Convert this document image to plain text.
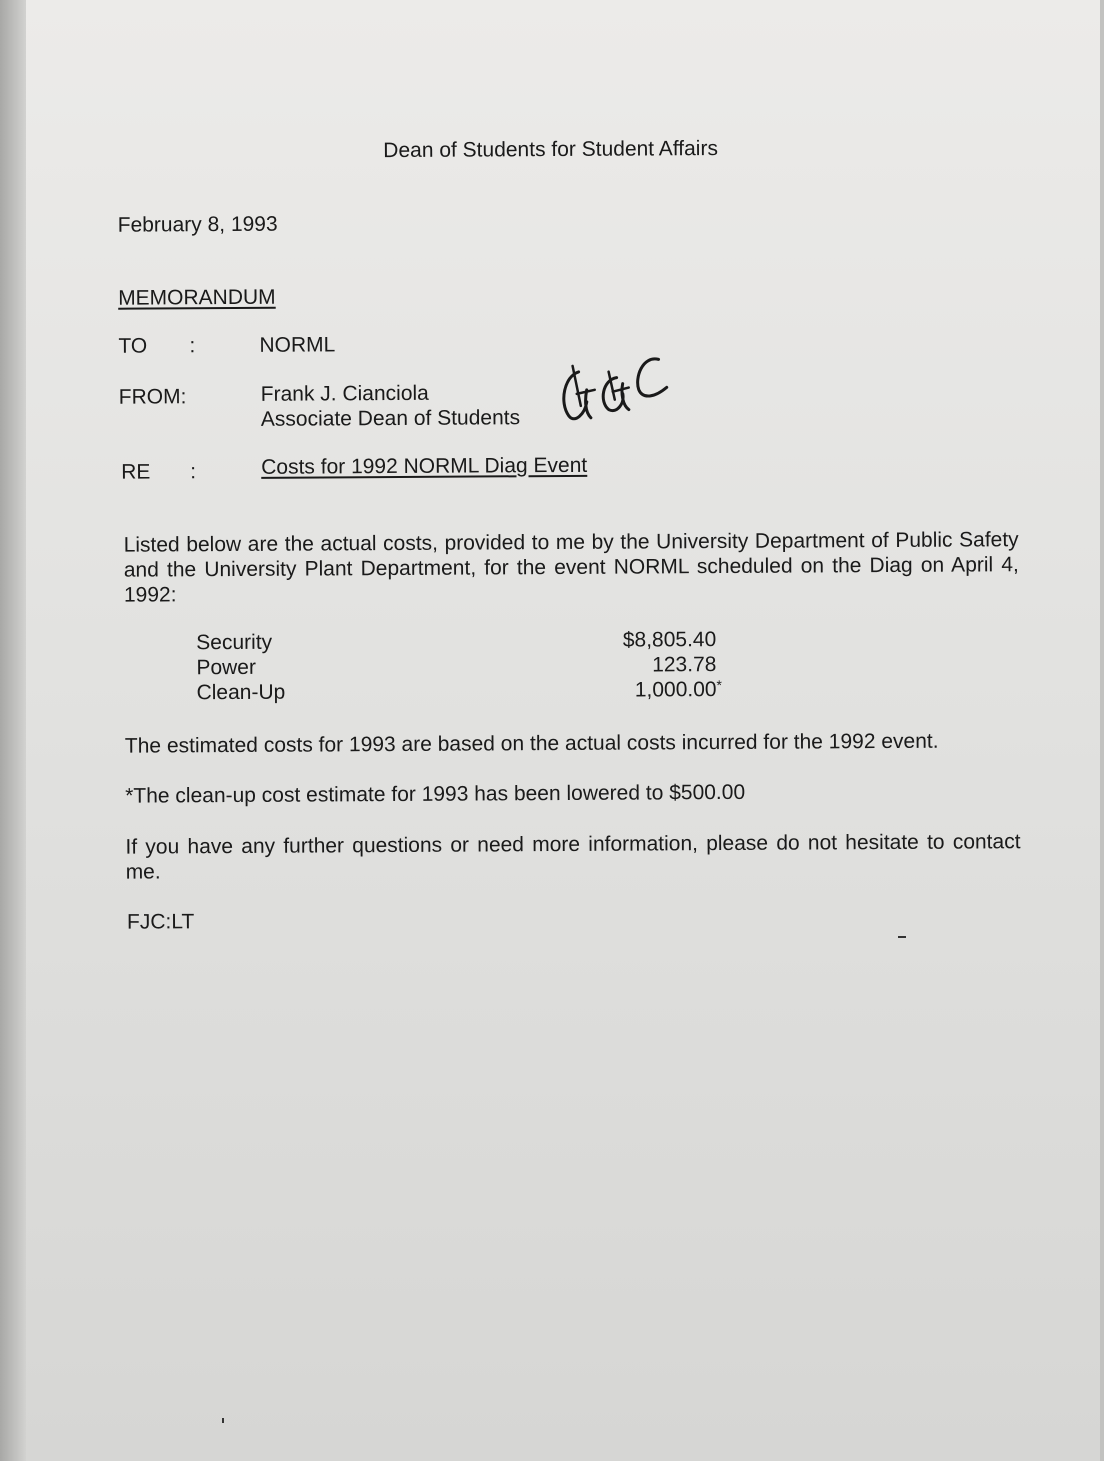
Dean of Students for Student Affairs
February 8, 1993
MEMORANDUM
TO :	NORML
FROM:	Frank J. Cianciola
Associate Dean of Students
RE :	Costs for 1992 NORML Diag Event
Listed below are the actual costs, provided to me by the University Department of Public Safety and the University Plant Department, for the event NORML scheduled on the Diag on April 4, 1992:
Security	$8,805.40
Power	123.78
Clean-Up	1,000.00 *
The estimated costs for 1993 are based on the actual costs incurred for the 1992 event.
*The clean-up cost estimate for 1993 has been lowered to $500.00
If you have any further questions or need more information, please do not hesitate to contact me.
FJC:LT
